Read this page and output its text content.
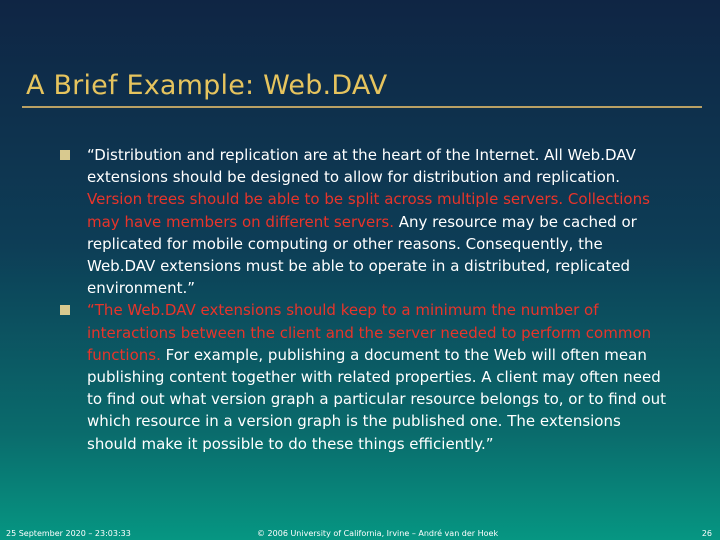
A Brief Example: Web.DAV
“Distribution and replication are at the heart of the Internet. All Web.DAV extensions should be designed to allow for distribution and replication. Version trees should be able to be split across multiple servers. Collections may have members on different servers. Any resource may be cached or replicated for mobile computing or other reasons. Consequently, the Web.DAV extensions must be able to operate in a distributed, replicated environment.”
“The Web.DAV extensions should keep to a minimum the number of interactions between the client and the server needed to perform common functions. For example, publishing a document to the Web will often mean publishing content together with related properties. A client may often need to find out what version graph a particular resource belongs to, or to find out which resource in a version graph is the published one. The extensions should make it possible to do these things efficiently.”
25 September 2020 – 23:03:33	© 2006 University of California, Irvine – André van der Hoek	26
